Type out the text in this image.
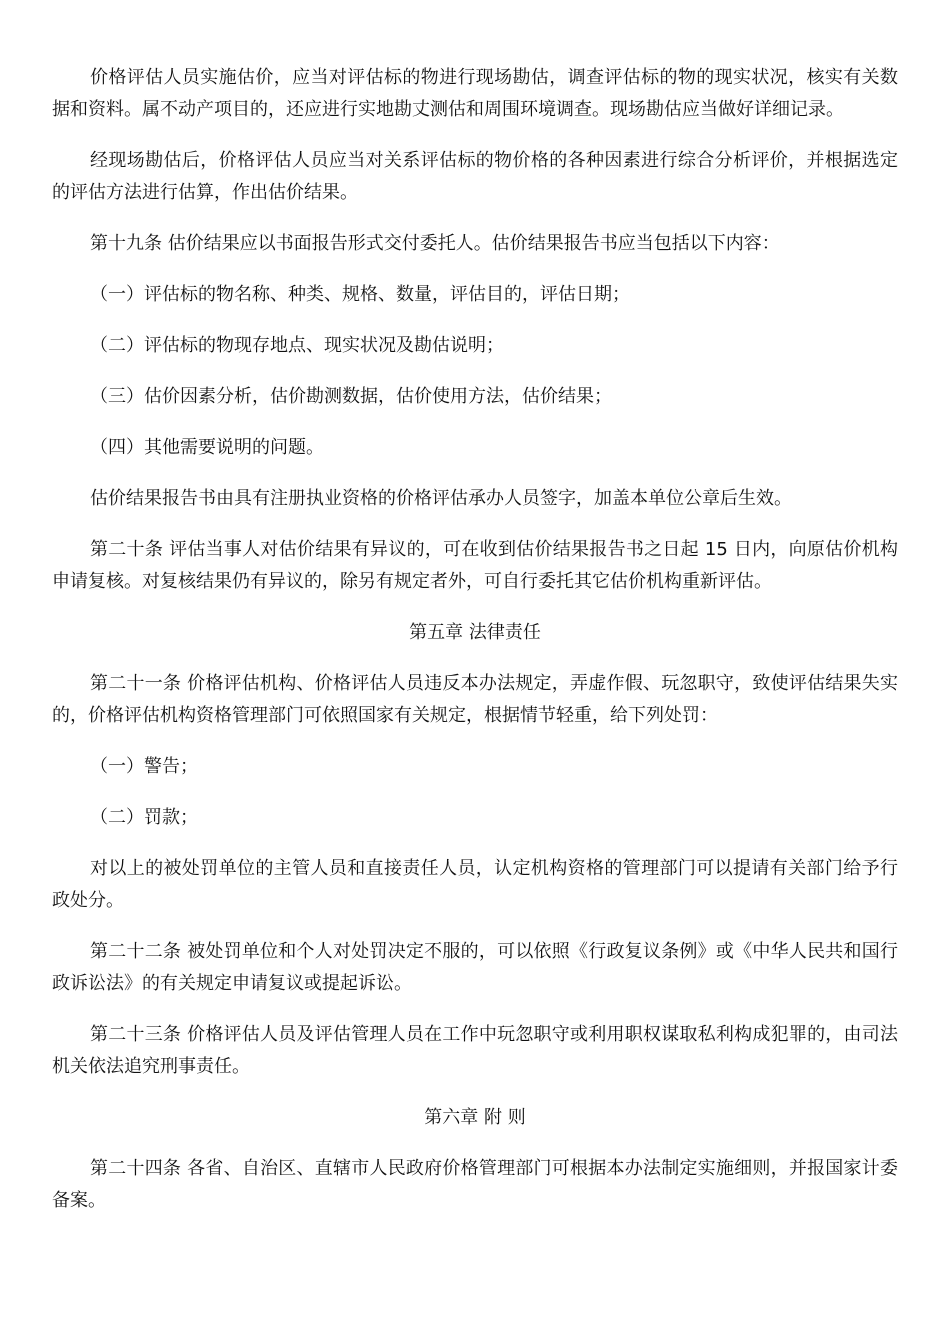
价格评估人员实施估价，应当对评估标的物进行现场勘估，调查评估标的物的现实状况，核实有关数据和资料。属不动产项目的，还应进行实地勘丈测估和周围环境调查。现场勘估应当做好详细记录。

经现场勘估后，价格评估人员应当对关系评估标的物价格的各种因素进行综合分析评价，并根据选定的评估方法进行估算，作出估价结果。

第十九条 估价结果应以书面报告形式交付委托人。估价结果报告书应当包括以下内容：

（一）评估标的物名称、种类、规格、数量，评估目的，评估日期；

（二）评估标的物现存地点、现实状况及勘估说明；

（三）估价因素分析，估价勘测数据，估价使用方法，估价结果；

（四）其他需要说明的问题。

估价结果报告书由具有注册执业资格的价格评估承办人员签字，加盖本单位公章后生效。

第二十条 评估当事人对估价结果有异议的，可在收到估价结果报告书之日起 15 日内，向原估价机构申请复核。对复核结果仍有异议的，除另有规定者外，可自行委托其它估价机构重新评估。

第五章 法律责任

第二十一条 价格评估机构、价格评估人员违反本办法规定，弄虚作假、玩忽职守，致使评估结果失实的，价格评估机构资格管理部门可依照国家有关规定，根据情节轻重，给下列处罚：

（一）警告；

（二）罚款；

对以上的被处罚单位的主管人员和直接责任人员，认定机构资格的管理部门可以提请有关部门给予行政处分。

第二十二条 被处罚单位和个人对处罚决定不服的，可以依照《行政复议条例》或《中华人民共和国行政诉讼法》的有关规定申请复议或提起诉讼。

第二十三条 价格评估人员及评估管理人员在工作中玩忽职守或利用职权谋取私利构成犯罪的，由司法机关依法追究刑事责任。

第六章 附 则

第二十四条 各省、自治区、直辖市人民政府价格管理部门可根据本办法制定实施细则，并报国家计委备案。
